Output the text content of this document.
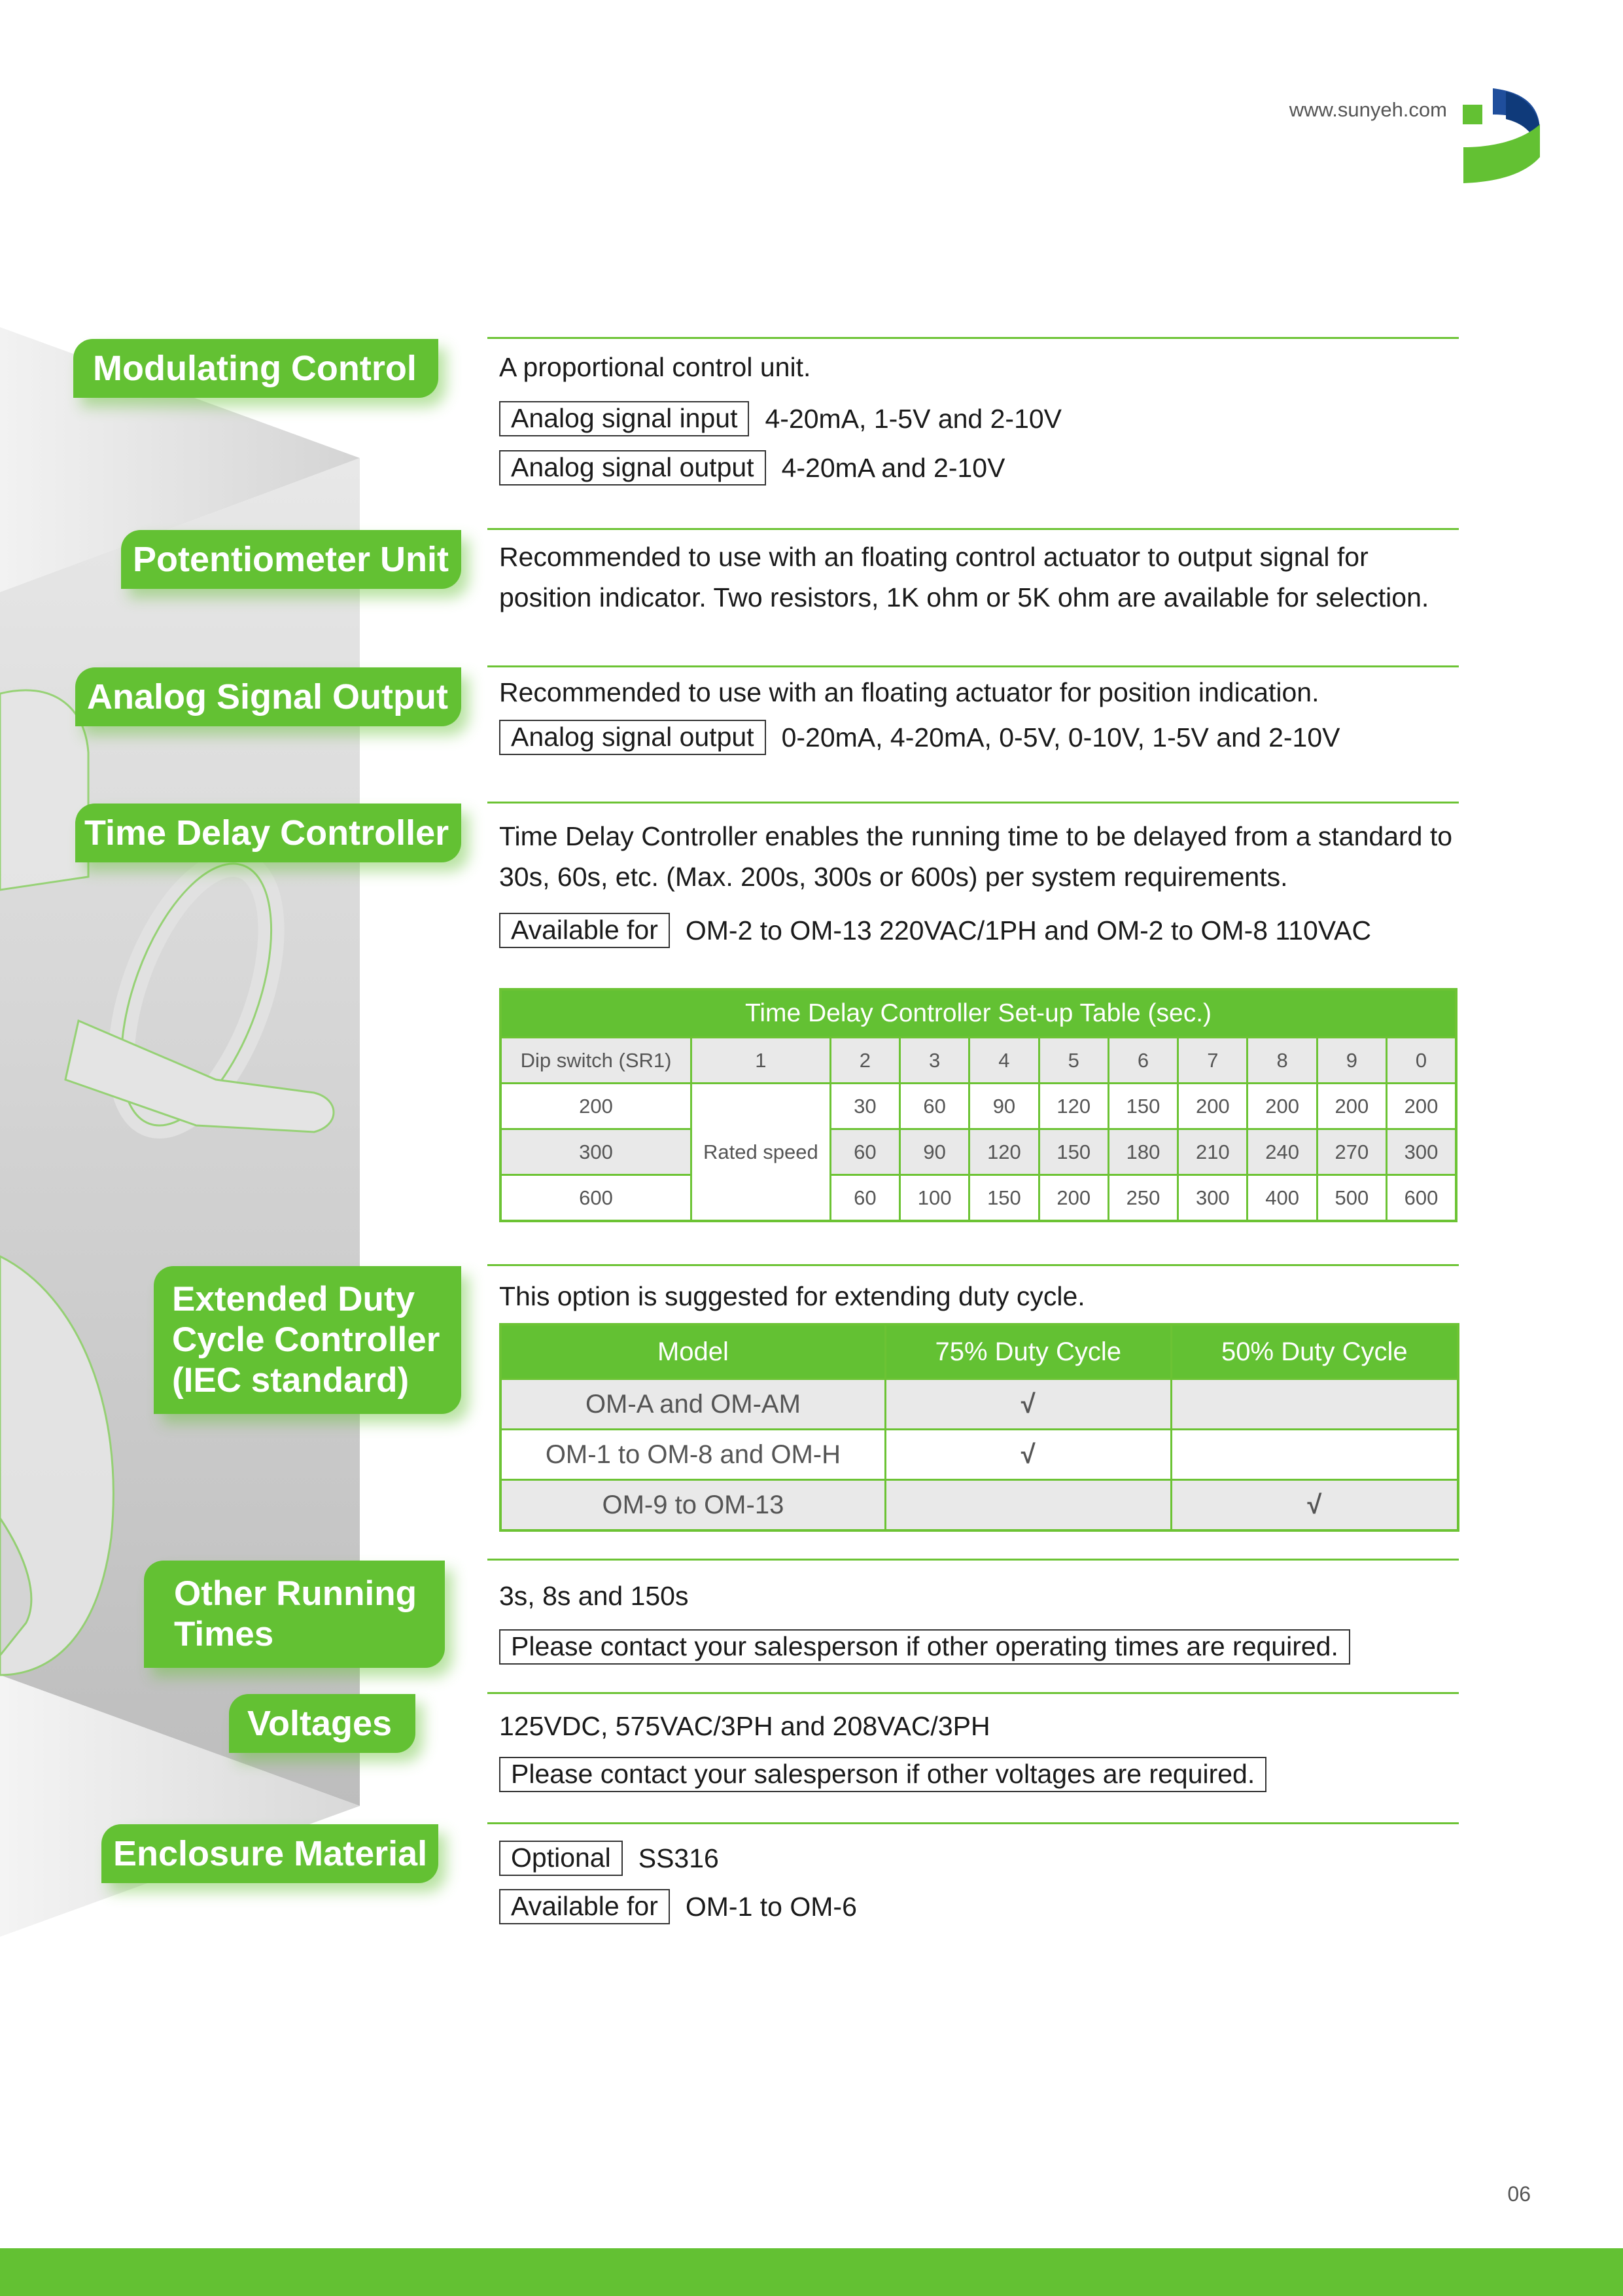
www.sunyeh.com
Modulating Control	A proportional control unit.
Analog signal input	4-20mA, 1-5V and 2-10V
Analog signal output	4-20mA and 2-10V
Potentiometer Unit	Recommended to use with an floating control actuator to output signal for position indicator. Two resistors, 1K ohm or 5K ohm are available for selection.
Analog Signal Output	Recommended to use with an floating actuator for position indication.
Analog signal output	0-20mA, 4-20mA, 0-5V, 0-10V, 1-5V and 2-10V
Time Delay Controller	Time Delay Controller enables the running time to be delayed from a standard to 30s, 60s, etc. (Max. 200s, 300s or 600s) per system requirements.
Available for	OM-2 to OM-13 220VAC/1PH and OM-2 to OM-8 110VAC
Time Delay Controller Set-up Table (sec.)										
Dip switch (SR1)	1	2	3	4	5	6	7	8	9	0
200	Rated speed	30	60	90	120	150	200	200	200	200
300		60	90	120	150	180	210	240	270	300
600		60	100	150	200	250	300	400	500	600
Extended Duty
Cycle Controller
(IEC standard)
This option is suggested for extending duty cycle.
Model	75% Duty Cycle	50% Duty Cycle
OM-A and OM-AM	√	
OM-1 to OM-8 and OM-H	√	
OM-9 to OM-13		√
Other Running
Times
3s, 8s and 150s
Please contact your salesperson if other operating times are required.
Voltages	125VDC, 575VAC/3PH and 208VAC/3PH
Please contact your salesperson if other voltages are required.
Enclosure Material	Optional	SS316
Available for	OM-1 to OM-6
06
